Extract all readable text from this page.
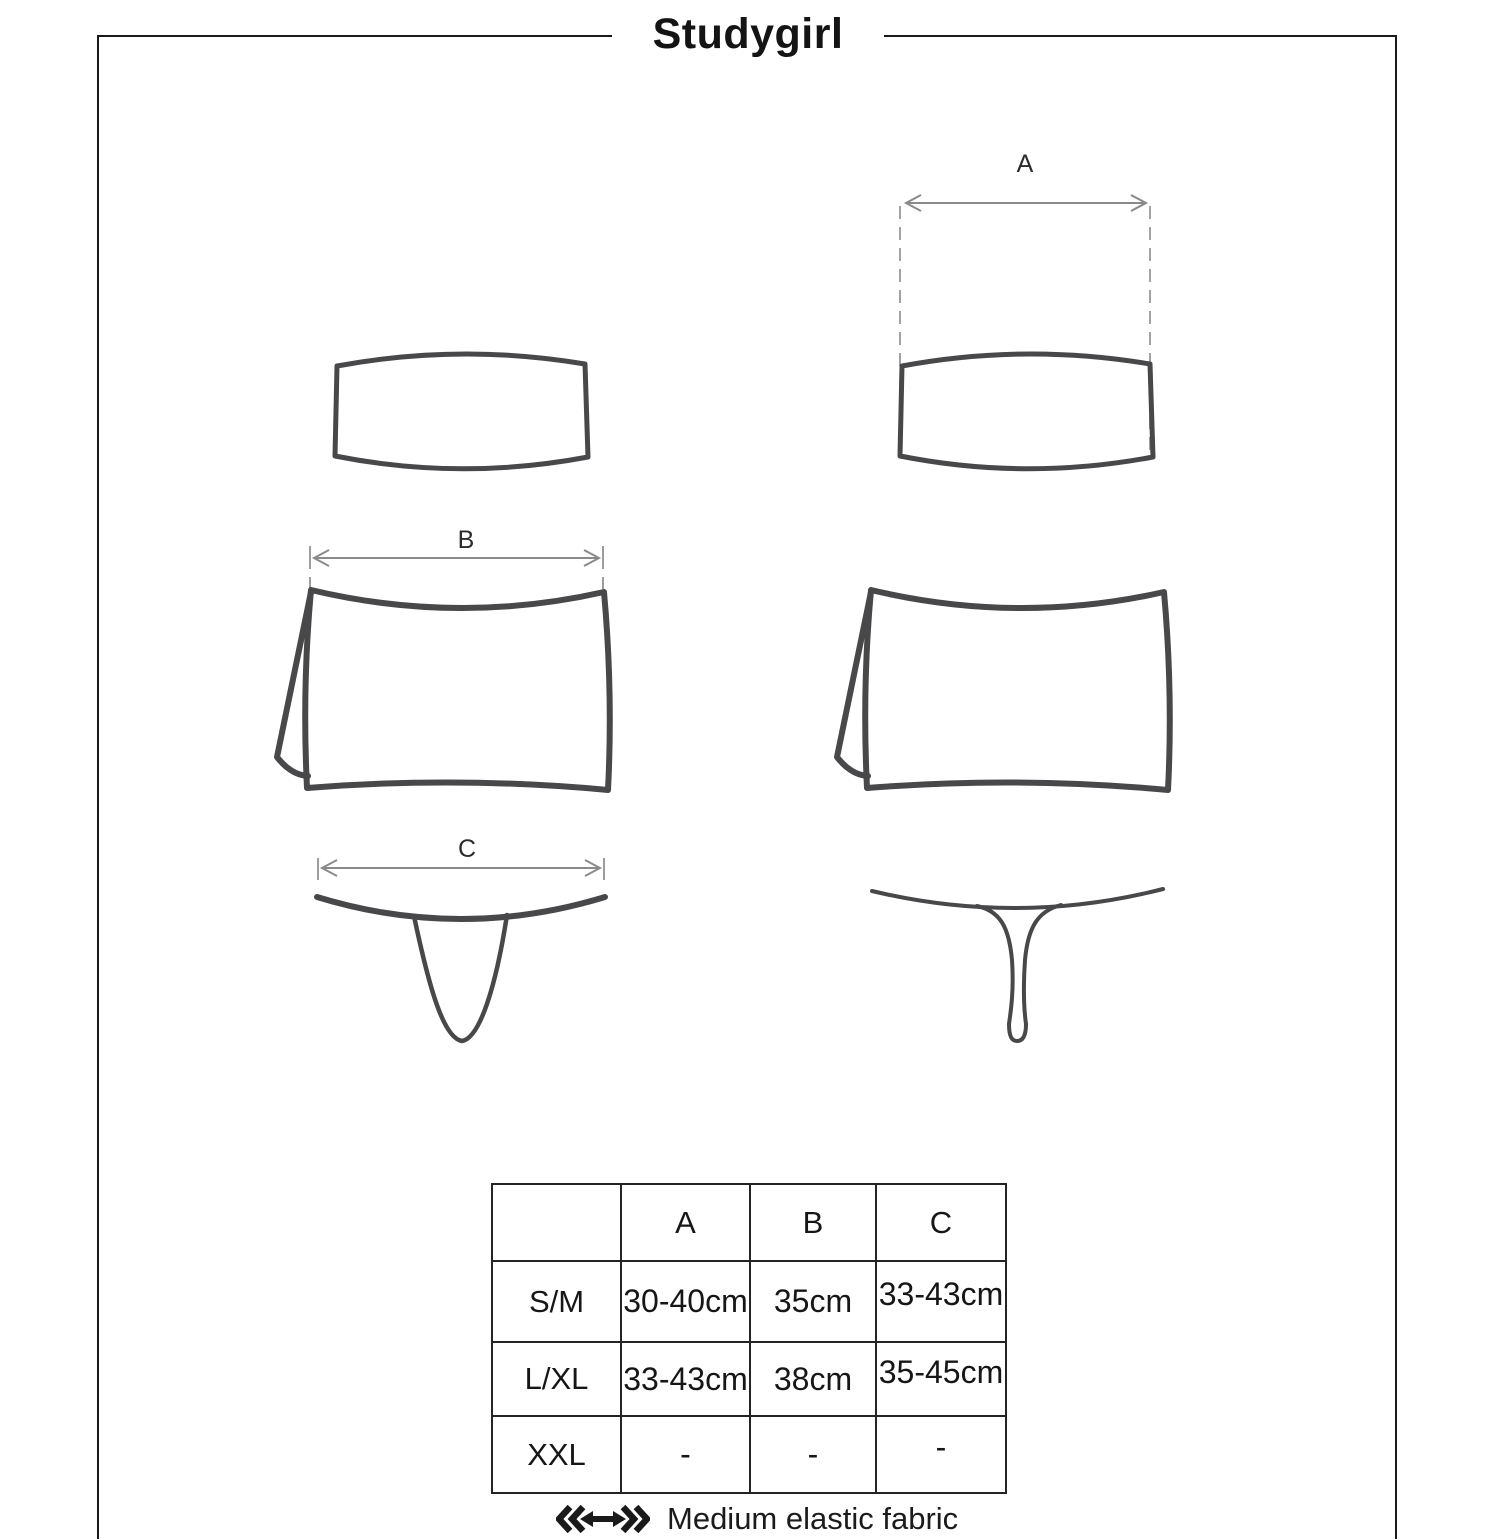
Studygirl
A
B
C
	A	B	C
S/M	30-40cm	35cm	33-43cm
L/XL	33-43cm	38cm	35-45cm
XXL	-	-	-
Medium elastic fabric
